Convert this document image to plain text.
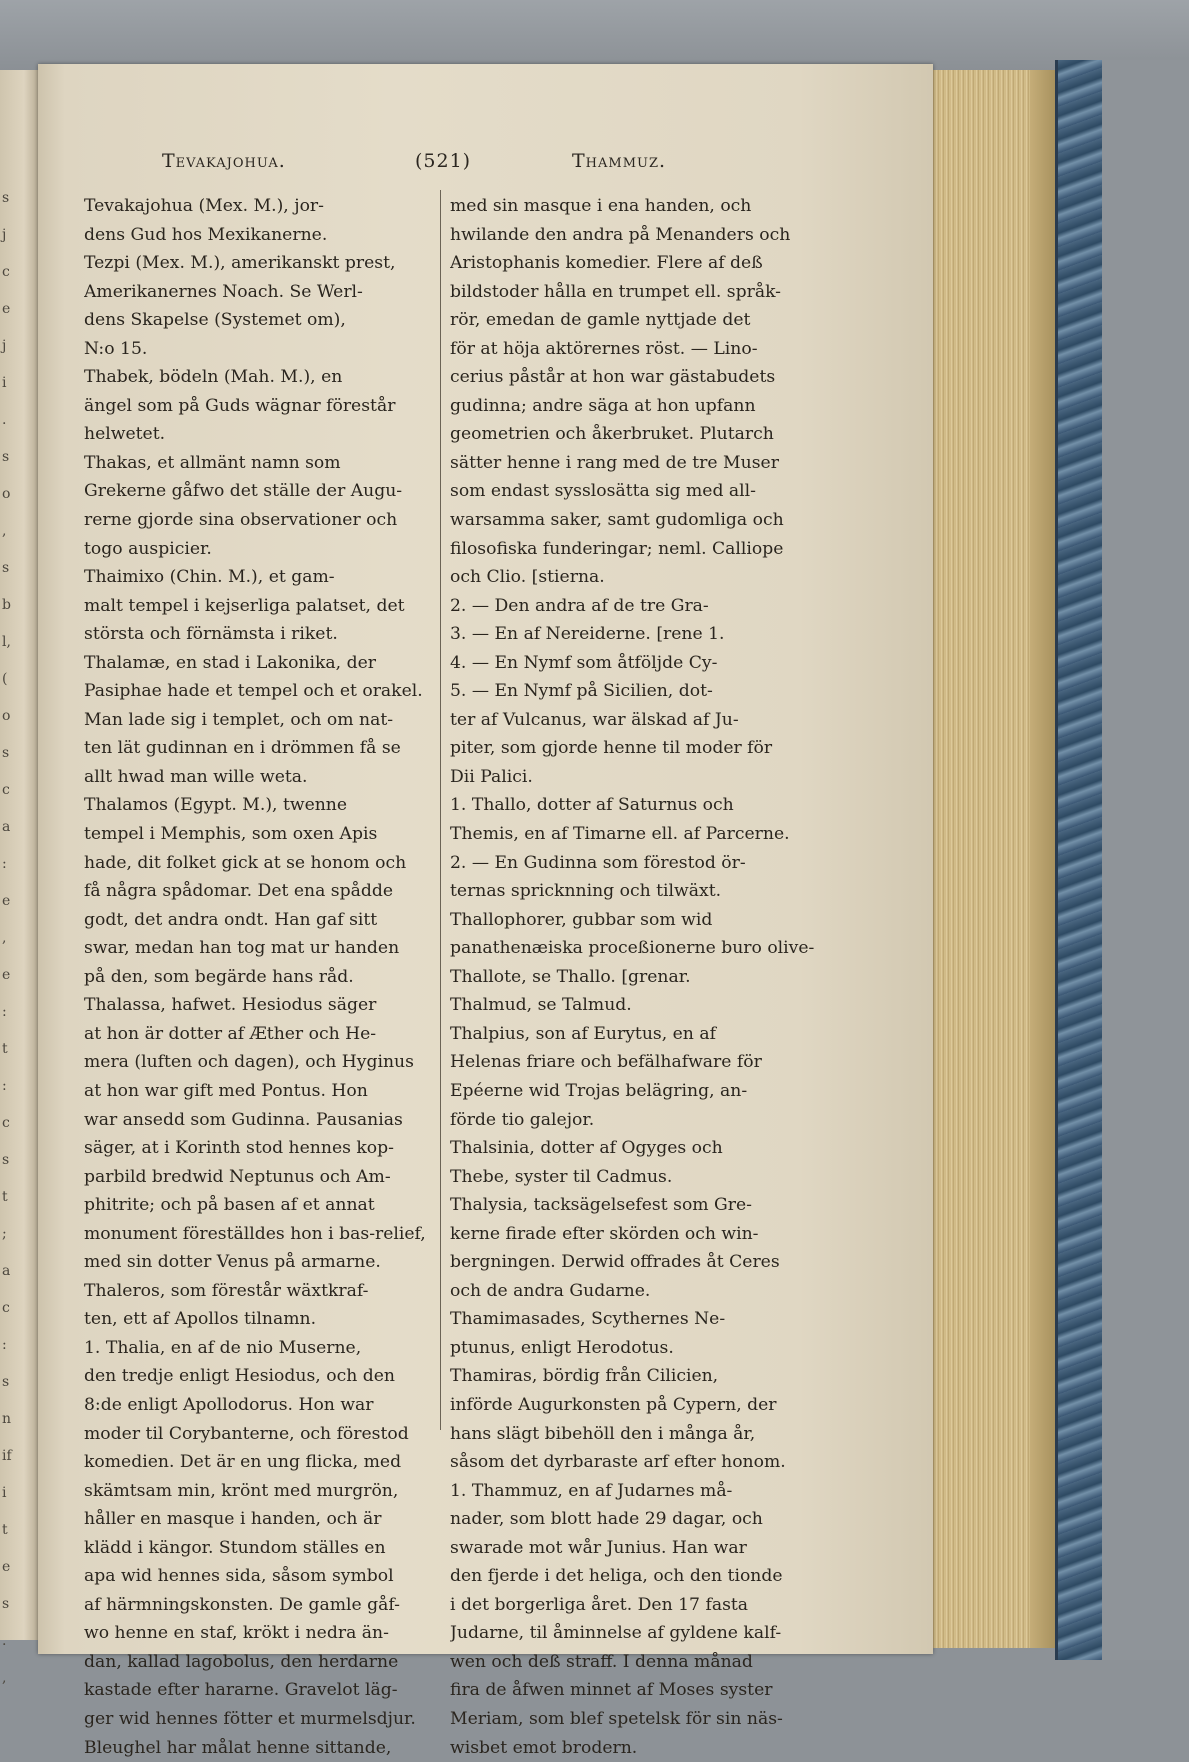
s
j
c
e
j
i
.
s
o
,
s
b
l,
(
o
s
c
a
:
e
,
e
:
t
:
c
s
t
;
a
c
:
s
n
if
i
t
e
s
.
,
Tevakajohua.	(521)	Thammuz.
Tevakajohua (Mex. M.), jor-
dens Gud hos Mexikanerne.
Tezpi (Mex. M.), amerikanskt prest,
Amerikanernes Noach. Se Werl-
dens Skapelse (Systemet om),
N:o 15.
Thabek, bödeln (Mah. M.), en
ängel som på Guds wägnar förestår
helwetet.
Thakas, et allmänt namn som
Grekerne gåfwo det ställe der Augu-
rerne gjorde sina observationer och
togo auspicier.
Thaimixo (Chin. M.), et gam-
malt tempel i kejserliga palatset, det
största och förnämsta i riket.
Thalamæ, en stad i Lakonika, der
Pasiphae hade et tempel och et orakel.
Man lade sig i templet, och om nat-
ten lät gudinnan en i drömmen få se
allt hwad man wille weta.
Thalamos (Egypt. M.), twenne
tempel i Memphis, som oxen Apis
hade, dit folket gick at se honom och
få några spådomar. Det ena spådde
godt, det andra ondt. Han gaf sitt
swar, medan han tog mat ur handen
på den, som begärde hans råd.
Thalassa, hafwet. Hesiodus säger
at hon är dotter af Æther och He-
mera (luften och dagen), och Hyginus
at hon war gift med Pontus. Hon
war ansedd som Gudinna. Pausanias
säger, at i Korinth stod hennes kop-
parbild bredwid Neptunus och Am-
phitrite; och på basen af et annat
monument föreställdes hon i bas-relief,
med sin dotter Venus på armarne.
Thaleros, som förestår wäxtkraf-
ten, ett af Apollos tilnamn.
1. Thalia, en af de nio Muserne,
den tredje enligt Hesiodus, och den
8:de enligt Apollodorus. Hon war
moder til Corybanterne, och förestod
komedien. Det är en ung flicka, med
skämtsam min, krönt med murgrön,
håller en masque i handen, och är
klädd i kängor. Stundom ställes en
apa wid hennes sida, såsom symbol
af härmningskonsten. De gamle gåf-
wo henne en staf, krökt i nedra än-
dan, kallad lagobolus, den herdarne
kastade efter hararne. Gravelot läg-
ger wid hennes fötter et murmelsdjur.
Bleughel har målat henne sittande,
med sin masque i ena handen, och
hwilande den andra på Menanders och
Aristophanis komedier. Flere af deß
bildstoder hålla en trumpet ell. språk-
rör, emedan de gamle nyttjade det
för at höja aktörernes röst. — Lino-
cerius påstår at hon war gästabudets
gudinna; andre säga at hon upfann
geometrien och åkerbruket. Plutarch
sätter henne i rang med de tre Muser
som endast sysslosätta sig med all-
warsamma saker, samt gudomliga och
filosofiska funderingar; neml. Calliope
och Clio. [stierna.
2. — Den andra af de tre Gra-
3. — En af Nereiderne. [rene 1.
4. — En Nymf som åtföljde Cy-
5. — En Nymf på Sicilien, dot-
ter af Vulcanus, war älskad af Ju-
piter, som gjorde henne til moder för
Dii Palici.
1. Thallo, dotter af Saturnus och
Themis, en af Timarne ell. af Parcerne.
2. — En Gudinna som förestod ör-
ternas spricknning och tilwäxt.
Thallophorer, gubbar som wid
panathenæiska proceßionerne buro olive-
Thallote, se Thallo. [grenar.
Thalmud, se Talmud.
Thalpius, son af Eurytus, en af
Helenas friare och befälhafware för
Epéerne wid Trojas belägring, an-
förde tio galejor.
Thalsinia, dotter af Ogyges och
Thebe, syster til Cadmus.
Thalysia, tacksägelsefest som Gre-
kerne firade efter skörden och win-
bergningen. Derwid offrades åt Ceres
och de andra Gudarne.
Thamimasades, Scythernes Ne-
ptunus, enligt Herodotus.
Thamiras, bördig från Cilicien,
införde Augurkonsten på Cypern, der
hans slägt bibehöll den i många år,
såsom det dyrbaraste arf efter honom.
1. Thammuz, en af Judarnes må-
nader, som blott hade 29 dagar, och
swarade mot wår Junius. Han war
den fjerde i det heliga, och den tionde
i det borgerliga året. Den 17 fasta
Judarne, til åminnelse af gyldene kalf-
wen och deß straff. I denna månad
fira de åfwen minnet af Moses syster
Meriam, som blef spetelsk för sin näs-
wisbet emot brodern.
